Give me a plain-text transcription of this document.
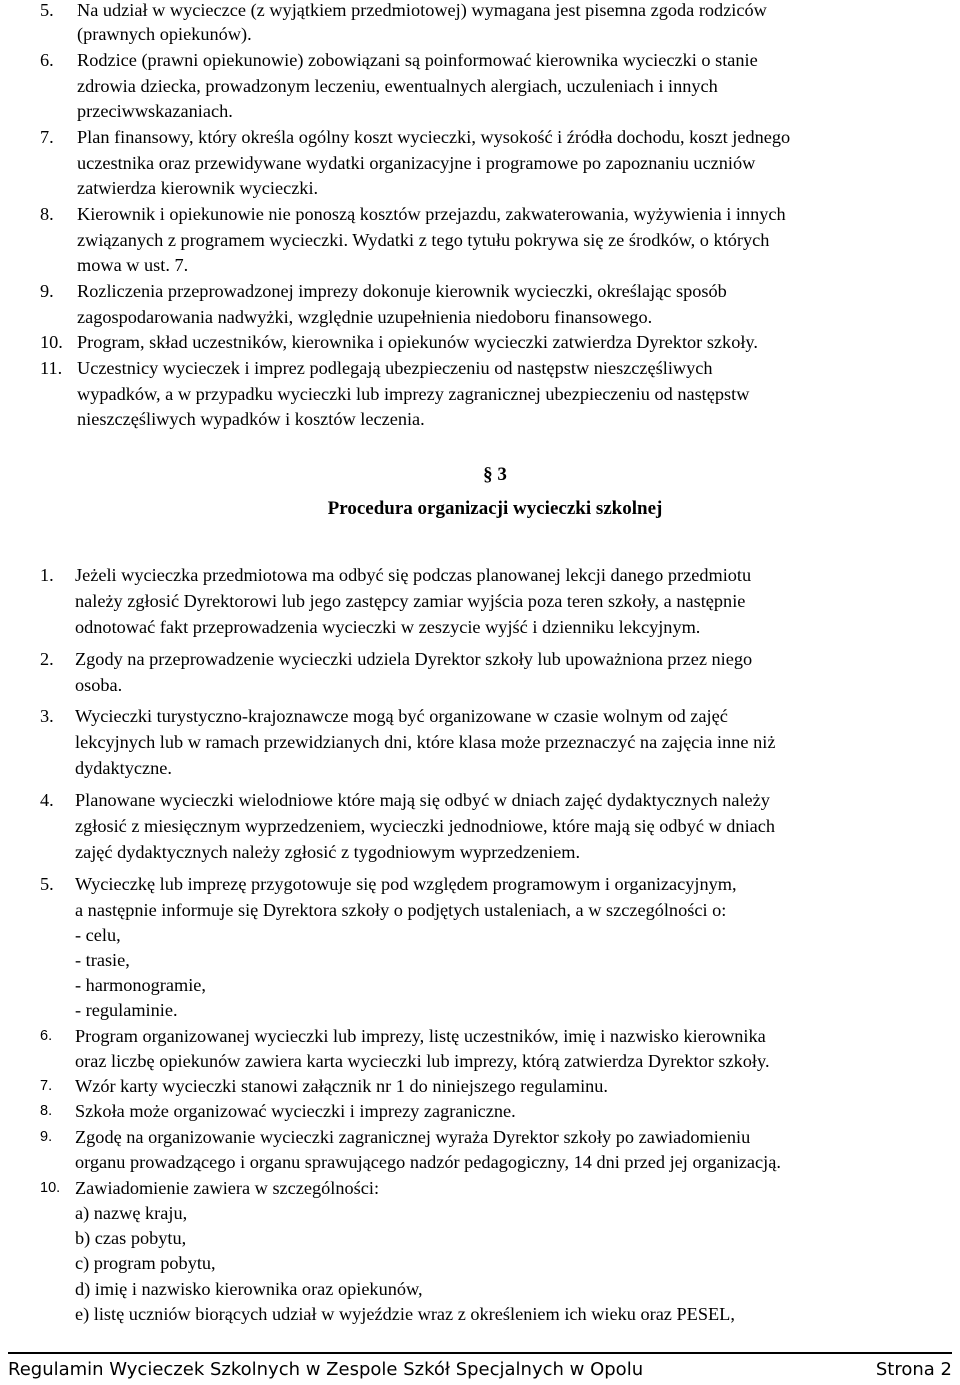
5. Na udział w wycieczce (z wyjątkiem przedmiotowej) wymagana jest pisemna zgoda rodziców
(prawnych opiekunów).
6. Rodzice (prawni opiekunowie) zobowiązani są poinformować kierownika wycieczki o stanie
zdrowia dziecka, prowadzonym leczeniu, ewentualnych alergiach, uczuleniach i innych
przeciwwskazaniach.
7. Plan finansowy, który określa ogólny koszt wycieczki, wysokość i źródła dochodu, koszt jednego
uczestnika oraz przewidywane wydatki organizacyjne i programowe po zapoznaniu uczniów
zatwierdza kierownik wycieczki.
8. Kierownik i opiekunowie nie ponoszą kosztów przejazdu, zakwaterowania, wyżywienia i innych
związanych z programem wycieczki. Wydatki z tego tytułu pokrywa się ze środków, o których
mowa w ust. 7.
9. Rozliczenia przeprowadzonej imprezy dokonuje kierownik wycieczki, określając sposób
zagospodarowania nadwyżki, względnie uzupełnienia niedoboru finansowego.
10. Program, skład uczestników, kierownika i opiekunów wycieczki zatwierdza Dyrektor szkoły.
11. Uczestnicy wycieczek i imprez podlegają ubezpieczeniu od następstw nieszczęśliwych
wypadków, a w przypadku wycieczki lub imprezy zagranicznej ubezpieczeniu od następstw
nieszczęśliwych wypadków i kosztów leczenia.
§ 3
Procedura organizacji wycieczki szkolnej
1. Jeżeli wycieczka przedmiotowa ma odbyć się podczas planowanej lekcji danego przedmiotu
należy zgłosić Dyrektorowi lub jego zastępcy zamiar wyjścia poza teren szkoły, a następnie
odnotować fakt przeprowadzenia wycieczki w zeszycie wyjść i dzienniku lekcyjnym.
2. Zgody na przeprowadzenie wycieczki udziela Dyrektor szkoły lub upoważniona przez niego
osoba.
3. Wycieczki turystyczno-krajoznawcze mogą być organizowane w czasie wolnym od zajęć
lekcyjnych lub w ramach przewidzianych dni, które klasa może przeznaczyć na zajęcia inne niż
dydaktyczne.
4. Planowane wycieczki wielodniowe które mają się odbyć w dniach zajęć dydaktycznych należy
zgłosić z miesięcznym wyprzedzeniem, wycieczki jednodniowe, które mają się odbyć w dniach
zajęć dydaktycznych należy zgłosić z tygodniowym wyprzedzeniem.
5. Wycieczkę lub imprezę przygotowuje się pod względem programowym i organizacyjnym,
a następnie informuje się Dyrektora szkoły o podjętych ustaleniach, a w szczególności o:
- celu,
- trasie,
- harmonogramie,
- regulaminie.
6. Program organizowanej wycieczki lub imprezy, listę uczestników, imię i nazwisko kierownika
oraz liczbę opiekunów zawiera karta wycieczki lub imprezy, którą zatwierdza Dyrektor szkoły.
7. Wzór karty wycieczki stanowi załącznik nr 1 do niniejszego regulaminu.
8. Szkoła może organizować wycieczki i imprezy zagraniczne.
9. Zgodę na organizowanie wycieczki zagranicznej wyraża Dyrektor szkoły po zawiadomieniu
organu prowadzącego i organu sprawującego nadzór pedagogiczny, 14 dni przed jej organizacją.
10. Zawiadomienie zawiera w szczególności:
a) nazwę kraju,
b) czas pobytu,
c) program pobytu,
d) imię i nazwisko kierownika oraz opiekunów,
e) listę uczniów biorących udział w wyjeździe wraz z określeniem ich wieku oraz PESEL,
Regulamin Wycieczek Szkolnych w Zespole Szkół Specjalnych w Opolu	Strona 2
